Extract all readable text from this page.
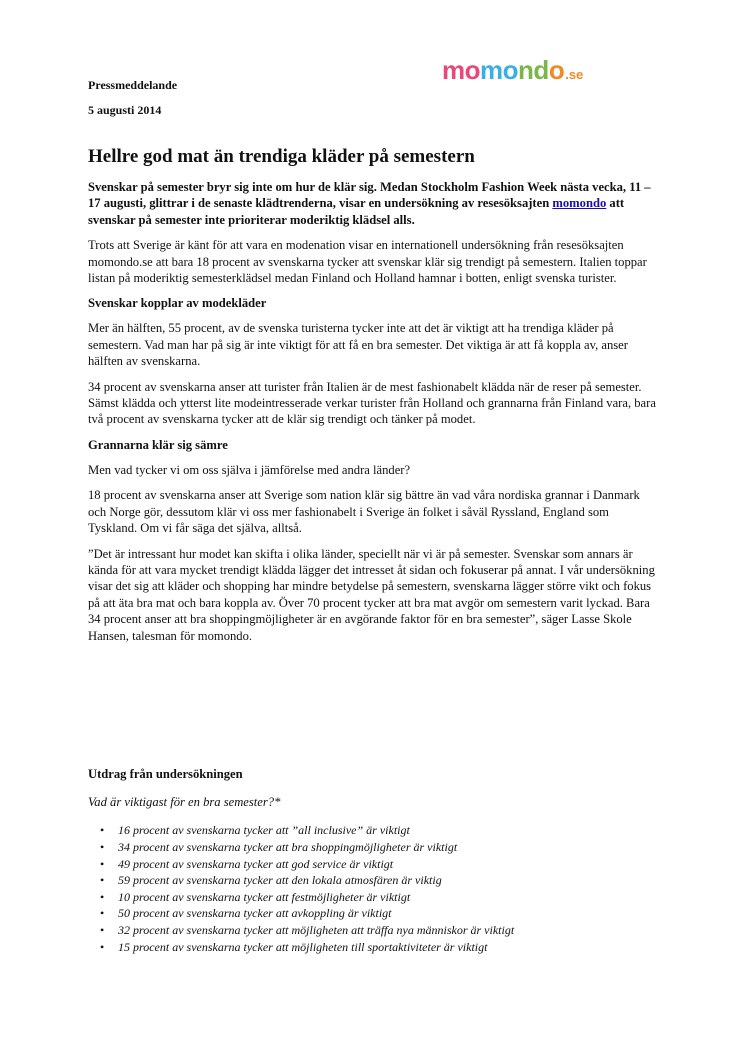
Pressmeddelande
5 augusti 2014
momondo.se
Hellre god mat än trendiga kläder på semestern

Svenskar på semester bryr sig inte om hur de klär sig. Medan Stockholm Fashion Week nästa vecka, 11 – 17 augusti, glittrar i de senaste klädtrenderna, visar en undersökning av resesöksajten momondo att svenskar på semester inte prioriterar moderiktig klädsel alls.

Trots att Sverige är känt för att vara en modenation visar en internationell undersökning från resesöksajten momondo.se att bara 18 procent av svenskarna tycker att svenskar klär sig trendigt på semestern. Italien toppar listan på moderiktig semesterklädsel medan Finland och Holland hamnar i botten, enligt svenska turister.

Svenskar kopplar av modekläder

Mer än hälften, 55 procent, av de svenska turisterna tycker inte att det är viktigt att ha trendiga kläder på semestern. Vad man har på sig är inte viktigt för att få en bra semester. Det viktiga är att få koppla av, anser hälften av svenskarna.

34 procent av svenskarna anser att turister från Italien är de mest fashionabelt klädda när de reser på semester. Sämst klädda och ytterst lite modeintresserade verkar turister från Holland och grannarna från Finland vara, bara två procent av svenskarna tycker att de klär sig trendigt och tänker på modet.

Grannarna klär sig sämre

Men vad tycker vi om oss själva i jämförelse med andra länder?

18 procent av svenskarna anser att Sverige som nation klär sig bättre än vad våra nordiska grannar i Danmark och Norge gör, dessutom klär vi oss mer fashionabelt i Sverige än folket i såväl Ryssland, England som Tyskland. Om vi får säga det själva, alltså.

”Det är intressant hur modet kan skifta i olika länder, speciellt när vi är på semester. Svenskar som annars är kända för att vara mycket trendigt klädda lägger det intresset åt sidan och fokuserar på annat. I vår undersökning visar det sig att kläder och shopping har mindre betydelse på semestern, svenskarna lägger större vikt och fokus på att äta bra mat och bara koppla av. Över 70 procent tycker att bra mat avgör om semestern varit lyckad. Bara 34 procent anser att bra shoppingmöjligheter är en avgörande faktor för en bra semester”, säger Lasse Skole Hansen, talesman för momondo.

Utdrag från undersökningen

Vad är viktigast för en bra semester?*

• 16 procent av svenskarna tycker att ”all inclusive” är viktigt
• 34 procent av svenskarna tycker att bra shoppingmöjligheter är viktigt
• 49 procent av svenskarna tycker att god service är viktigt
• 59 procent av svenskarna tycker att den lokala atmosfären är viktig
• 10 procent av svenskarna tycker att festmöjligheter är viktigt
• 50 procent av svenskarna tycker att avkoppling är viktigt
• 32 procent av svenskarna tycker att möjligheten att träffa nya människor är viktigt
• 15 procent av svenskarna tycker att möjligheten till sportaktiviteter är viktigt
